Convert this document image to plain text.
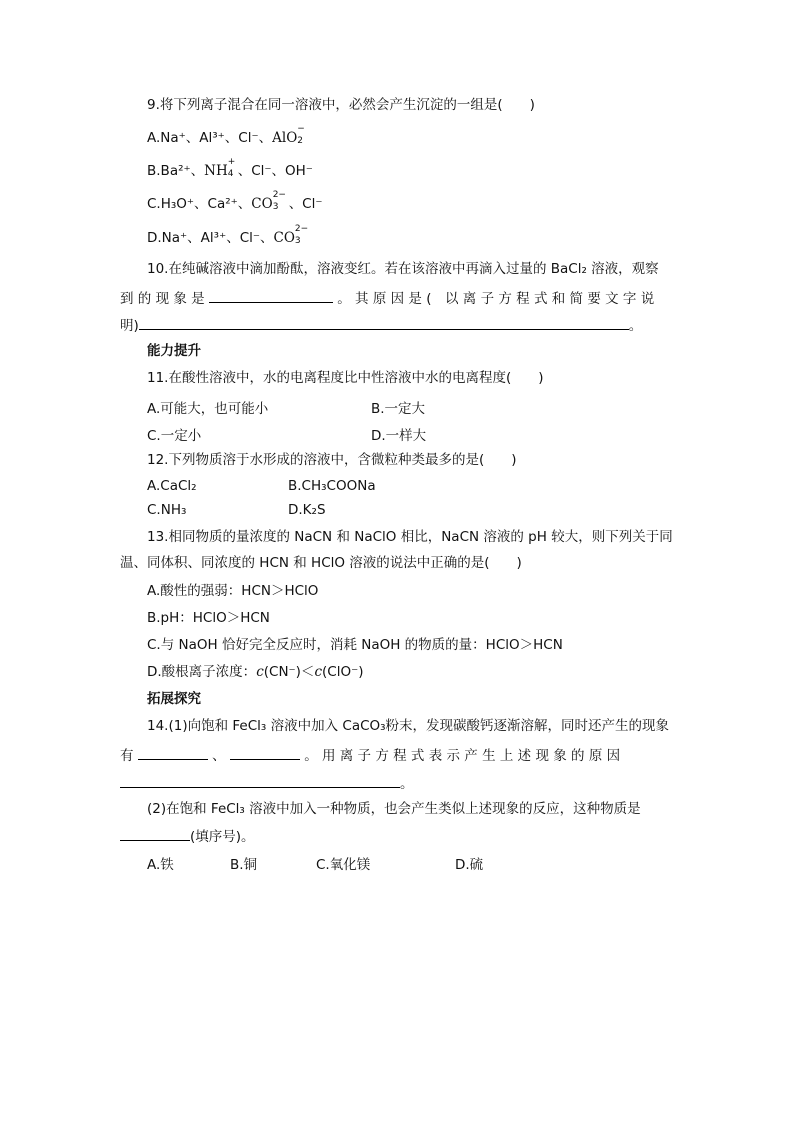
9.将下列离子混合在同一溶液中，必然会产生沉淀的一组是(　　)
A.Na⁺、Al³⁺、Cl⁻、AlO
−
2
B.Ba²⁺、NH
+
4 、Cl⁻、OH⁻
C.H₃O⁺、Ca²⁺、CO
2−
3 、Cl⁻
D.Na⁺、Al³⁺、Cl⁻、CO
2−
3
10.在纯碱溶液中滴加酚酞，溶液变红。若在该溶液中再滴入过量的 BaCl₂ 溶液，观察
到 的 现 象 是	。 其 原 因 是 (　以 离 子 方 程 式 和 简 要 文 字 说
明)	。
能力提升
11.在酸性溶液中，水的电离程度比中性溶液中水的电离程度(　　)
A.可能大，也可能小	B.一定大
C.一定小	D.一样大
12.下列物质溶于水形成的溶液中，含微粒种类最多的是(　　)
A.CaCl₂	B.CH₃COONa
C.NH₃	D.K₂S
13.相同物质的量浓度的 NaCN 和 NaClO 相比，NaCN 溶液的 pH 较大，则下列关于同
温、同体积、同浓度的 HCN 和 HClO 溶液的说法中正确的是(　　)
A.酸性的强弱：HCN＞HClO
B.pH：HClO＞HCN
C.与 NaOH 恰好完全反应时，消耗 NaOH 的物质的量：HClO＞HCN
D.酸根离子浓度：c(CN⁻)＜c(ClO⁻)
拓展探究
14.(1)向饱和 FeCl₃ 溶液中加入 CaCO₃粉末，发现碳酸钙逐渐溶解，同时还产生的现象
有	、	。 用 离 子 方 程 式 表 示 产 生 上 述 现 象 的 原 因
。
(2)在饱和 FeCl₃ 溶液中加入一种物质，也会产生类似上述现象的反应，这种物质是
(填序号)。
A.铁	B.铜	C.氧化镁	D.硫
